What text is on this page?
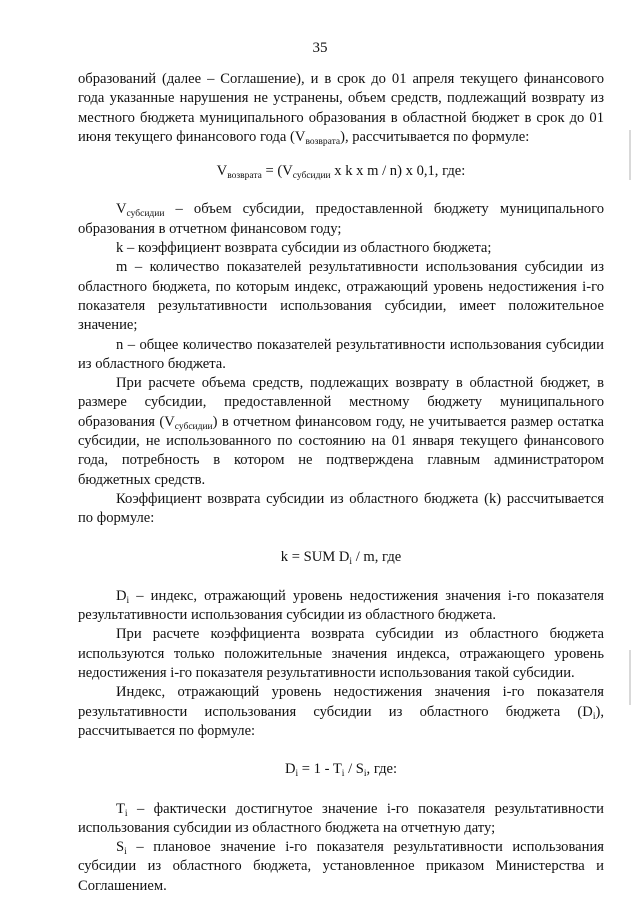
35

образований (далее – Соглашение), и в срок до 01 апреля текущего финансового года указанные нарушения не устранены, объем средств, подлежащий возврату из местного бюджета муниципального образования в областной бюджет в срок до 01 июня текущего финансового года $(V_{возврата})$, рассчитывается по формуле:

$V_{возврата} = (V_{субсидии}$ x k x m / n) x 0,1, где:

$V_{субсидии}$ – объем субсидии, предоставленной бюджету муниципального образования в отчетном финансовом году;

k – коэффициент возврата субсидии из областного бюджета;

m – количество показателей результативности использования субсидии из областного бюджета, по которым индекс, отражающий уровень недостижения i-го показателя результативности использования субсидии, имеет положительное значение;

n – общее количество показателей результативности использования субсидии из областного бюджета.

При расчете объема средств, подлежащих возврату в областной бюджет, в размере субсидии, предоставленной местному бюджету муниципального образования $(V_{субсидии})$ в отчетном финансовом году, не учитывается размер остатка субсидии, не использованного по состоянию на 01 января текущего финансового года, потребность в котором не подтверждена главным администратором бюджетных средств.

Коэффициент возврата субсидии из областного бюджета (k) рассчитывается по формуле:

k = SUM $D_i$ / m, где

$D_i$ – индекс, отражающий уровень недостижения значения i-го показателя результативности использования субсидии из областного бюджета.

При расчете коэффициента возврата субсидии из областного бюджета используются только положительные значения индекса, отражающего уровень недостижения i-го показателя результативности использования такой субсидии.

Индекс, отражающий уровень недостижения значения i-го показателя результативности использования субсидии из областного бюджета $(D_i)$, рассчитывается по формуле:

$D_i = 1 - T_i / S_i$, где:

$T_i$ – фактически достигнутое значение i-го показателя результативности использования субсидии из областного бюджета на отчетную дату;

$S_i$ – плановое значение i-го показателя результативности использования субсидии из областного бюджета, установленное приказом Министерства и Соглашением.
